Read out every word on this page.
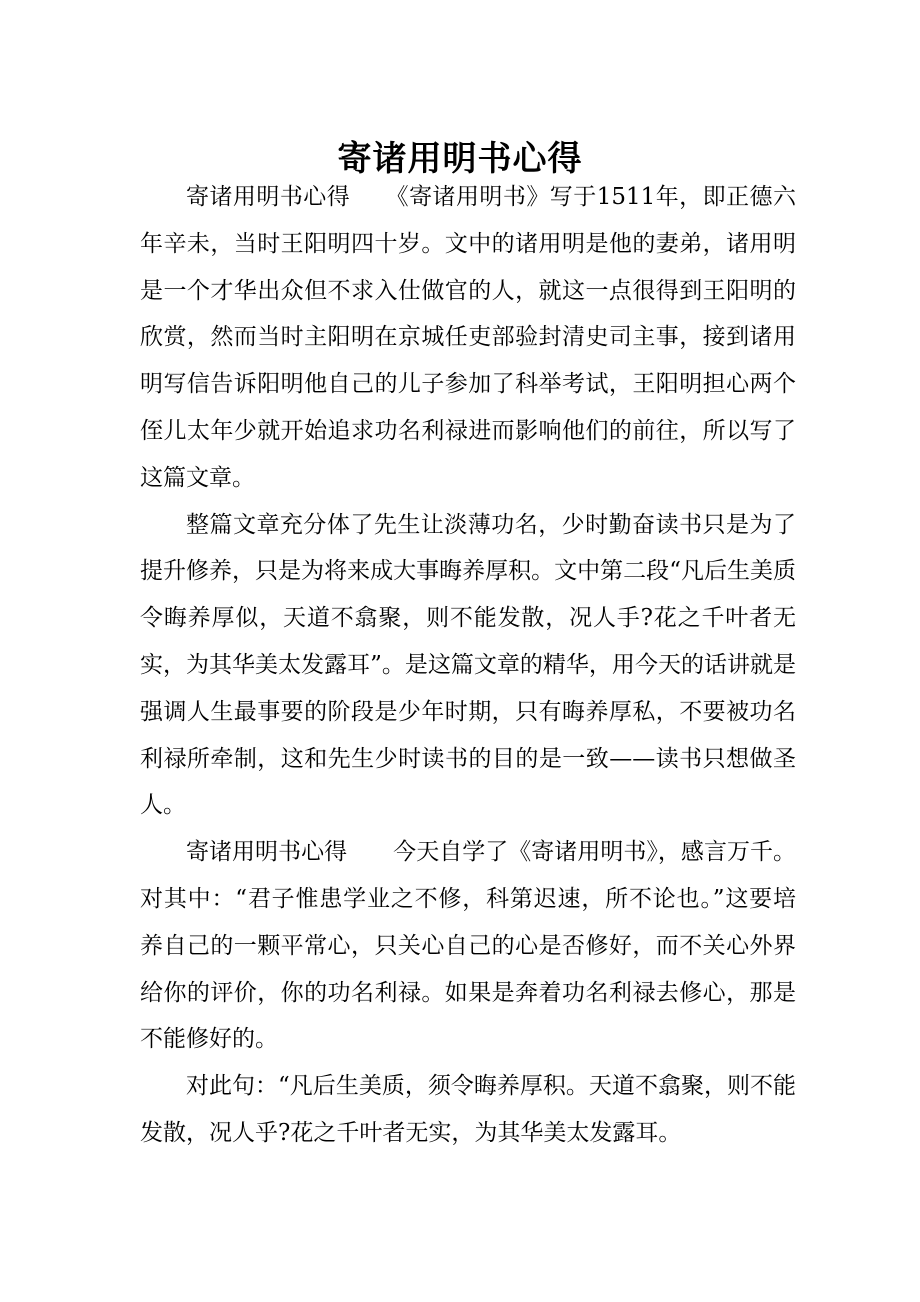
寄诸用明书心得

寄诸用明书心得　　《寄诸用明书》写于1511年，即正德六年辛未，当时王阳明四十岁。文中的诸用明是他的妻弟，诸用明是一个才华出众但不求入仕做官的人，就这一点很得到王阳明的欣赏，然而当时主阳明在京城任吏部验封清史司主事，接到诸用明写信告诉阳明他自己的儿子参加了科举考试，王阳明担心两个侄儿太年少就开始追求功名利禄进而影响他们的前往，所以写了这篇文章。

整篇文章充分体了先生让淡薄功名，少时勤奋读书只是为了提升修养，只是为将来成大事晦养厚积。文中第二段“凡后生美质令晦养厚似，天道不翕聚，则不能发散，况人手?花之千叶者无实，为其华美太发露耳”。是这篇文章的精华，用今天的话讲就是强调人生最事要的阶段是少年时期，只有晦养厚私，不要被功名利禄所牵制，这和先生少时读书的目的是一致——读书只想做圣人。

寄诸用明书心得　　今天自学了《寄诸用明书》，感言万千。对其中：“君子惟患学业之不修，科第迟速，所不论也。”这要培养自己的一颗平常心，只关心自己的心是否修好，而不关心外界给你的评价，你的功名利禄。如果是奔着功名利禄去修心，那是不能修好的。

对此句：“凡后生美质，须令晦养厚积。天道不翕聚，则不能发散，况人乎?花之千叶者无实，为其华美太发露耳。
